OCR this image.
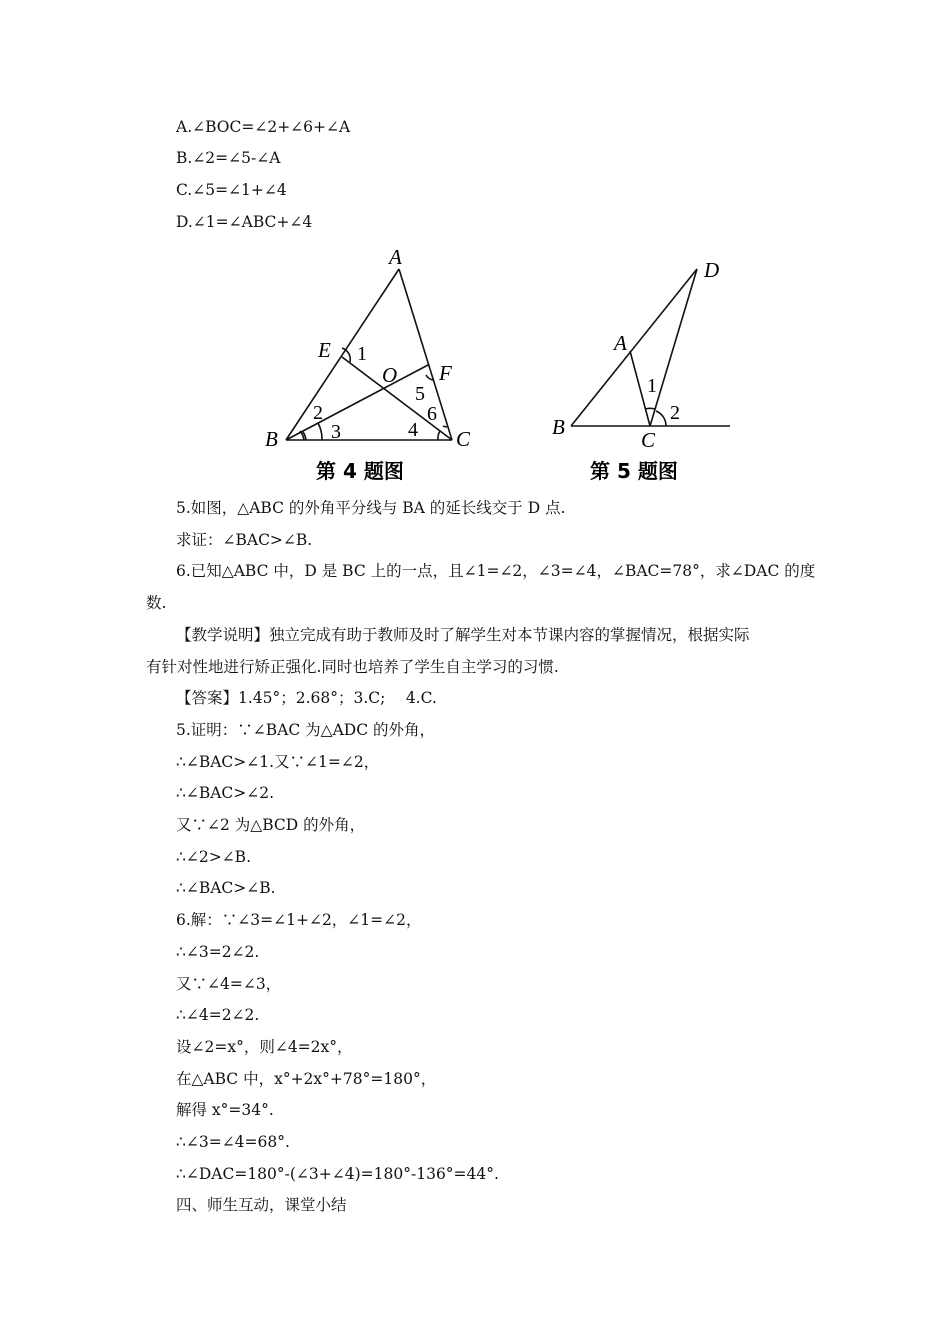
A.∠BOC=∠2+∠6+∠A
B.∠2=∠5-∠A
C.∠5=∠1+∠4
D.∠1=∠ABC+∠4
A
E
O F
B	C
1
5
2	6
3	4
第 4 题图
D
A
B
C
1
2
第 5 题图
5.如图，△ABC 的外角平分线与 BA 的延长线交于 D 点.
求证：∠BAC>∠B.
6.已知△ABC 中，D 是 BC 上的一点，且∠1=∠2，∠3=∠4，∠BAC=78°，求∠DAC 的度
数.
【教学说明】独立完成有助于教师及时了解学生对本节课内容的掌握情况，根据实际
有针对性地进行矫正强化.同时也培养了学生自主学习的习惯.
【答案】1.45°；2.68°；3.C;　 4.C.
5.证明：∵∠BAC 为△ADC 的外角，
∴∠BAC>∠1.又∵∠1=∠2，
∴∠BAC>∠2.
又∵∠2 为△BCD 的外角，
∴∠2>∠B.
∴∠BAC>∠B.
6.解：∵∠3=∠1+∠2，∠1=∠2，
∴∠3=2∠2.
又∵∠4=∠3，
∴∠4=2∠2.
设∠2=x°，则∠4=2x°，
在△ABC 中，x°+2x°+78°=180°，
解得 x°=34°.
∴∠3=∠4=68°.
∴∠DAC=180°-(∠3+∠4)=180°-136°=44°.
四、师生互动，课堂小结
